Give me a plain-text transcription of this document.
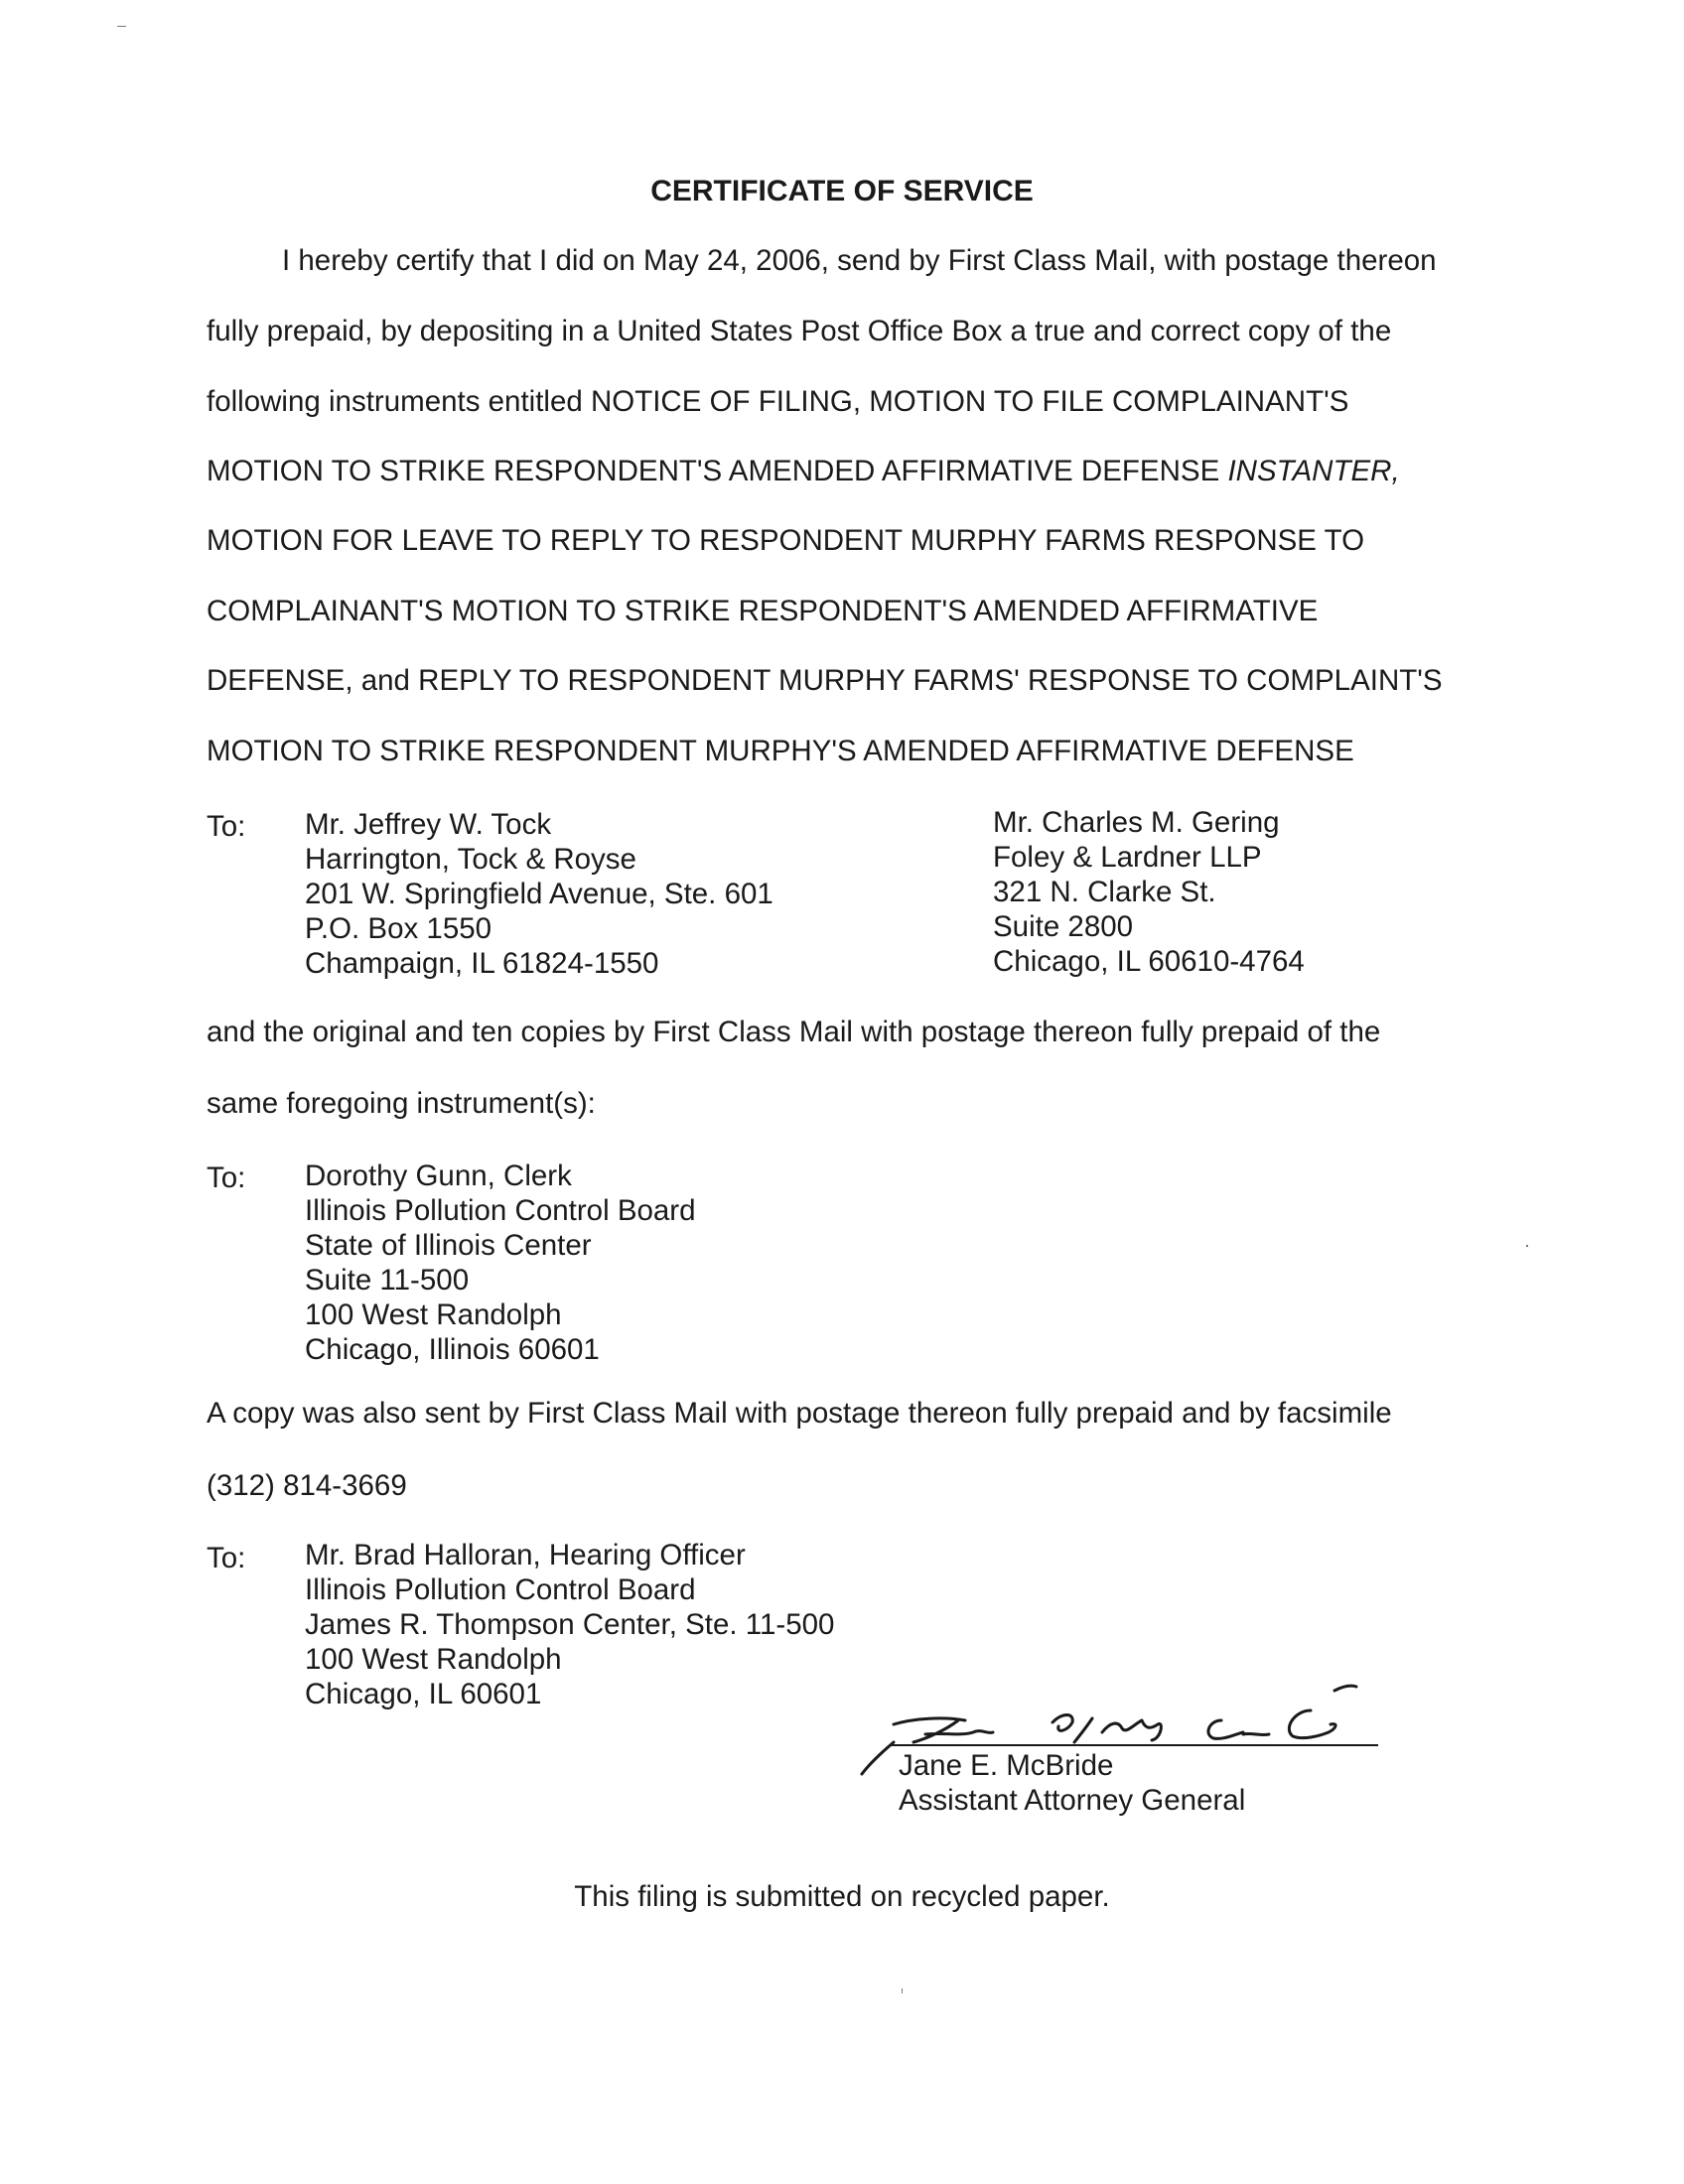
CERTIFICATE OF SERVICE
I hereby certify that I did on May 24, 2006, send by First Class Mail, with postage thereon
fully prepaid, by depositing in a United States Post Office Box a true and correct copy of the
following instruments entitled NOTICE OF FILING, MOTION TO FILE COMPLAINANT'S
MOTION TO STRIKE RESPONDENT'S AMENDED AFFIRMATIVE DEFENSE INSTANTER,
MOTION FOR LEAVE TO REPLY TO RESPONDENT MURPHY FARMS RESPONSE TO
COMPLAINANT'S MOTION TO STRIKE RESPONDENT'S AMENDED AFFIRMATIVE
DEFENSE, and REPLY TO RESPONDENT MURPHY FARMS' RESPONSE TO COMPLAINT'S
MOTION TO STRIKE RESPONDENT MURPHY'S AMENDED AFFIRMATIVE DEFENSE
To: Mr. Jeffrey W. Tock
Harrington, Tock & Royse
201 W. Springfield Avenue, Ste. 601
P.O. Box 1550
Champaign, IL 61824-1550
Mr. Charles M. Gering
Foley & Lardner LLP
321 N. Clarke St.
Suite 2800
Chicago, IL 60610-4764
and the original and ten copies by First Class Mail with postage thereon fully prepaid of the
same foregoing instrument(s):
To: Dorothy Gunn, Clerk
Illinois Pollution Control Board
State of Illinois Center
Suite 11-500
100 West Randolph
Chicago, Illinois 60601
A copy was also sent by First Class Mail with postage thereon fully prepaid and by facsimile
(312) 814-3669
To: Mr. Brad Halloran, Hearing Officer
Illinois Pollution Control Board
James R. Thompson Center, Ste. 11-500
100 West Randolph
Chicago, IL 60601
Jane E. McBride
Assistant Attorney General
This filing is submitted on recycled paper.
